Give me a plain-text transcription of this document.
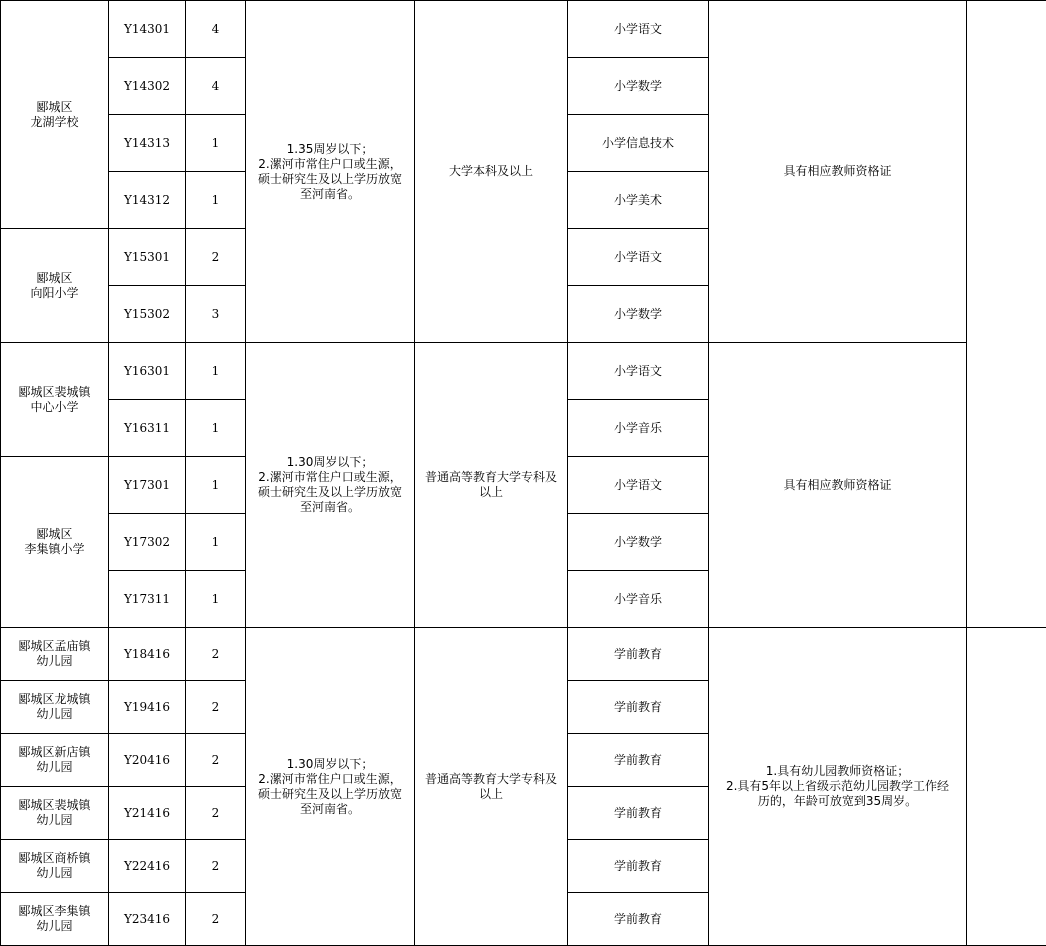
郾城区
龙湖学校	Y14301	4	1.35周岁以下；
2.漯河市常住户口或生源，
硕士研究生及以上学历放宽
至河南省。	大学本科及以上	小学语文	具有相应教师资格证	

	Y14302	4			小学数学		
	Y14313	1			小学信息技术		
	Y14312	1			小学美术		

郾城区
向阳小学	Y15301	2			小学语文		
	Y15302	3			小学数学		

郾城区裴城镇
中心小学	Y16301	1	1.30周岁以下；
2.漯河市常住户口或生源，
硕士研究生及以上学历放宽
至河南省。	普通高等教育大学专科及
以上	小学语文	具有相应教师资格证	

	Y16311	1			小学音乐		

郾城区
李集镇小学	Y17301	1			小学语文		
	Y17302	1			小学数学		
	Y17311	1			小学音乐		

郾城区孟庙镇
幼儿园	Y18416	2	1.30周岁以下；
2.漯河市常住户口或生源，
硕士研究生及以上学历放宽
至河南省。	普通高等教育大学专科及
以上	学前教育	1.具有幼儿园教师资格证；
2.具有5年以上省级示范幼儿园教学工作经
历的，年龄可放宽到35周岁。	

郾城区龙城镇
幼儿园	Y19416	2			学前教育		

郾城区新店镇
幼儿园	Y20416	2			学前教育		

郾城区裴城镇
幼儿园	Y21416	2			学前教育		

郾城区商桥镇
幼儿园	Y22416	2			学前教育		

郾城区李集镇
幼儿园	Y23416	2			学前教育		
